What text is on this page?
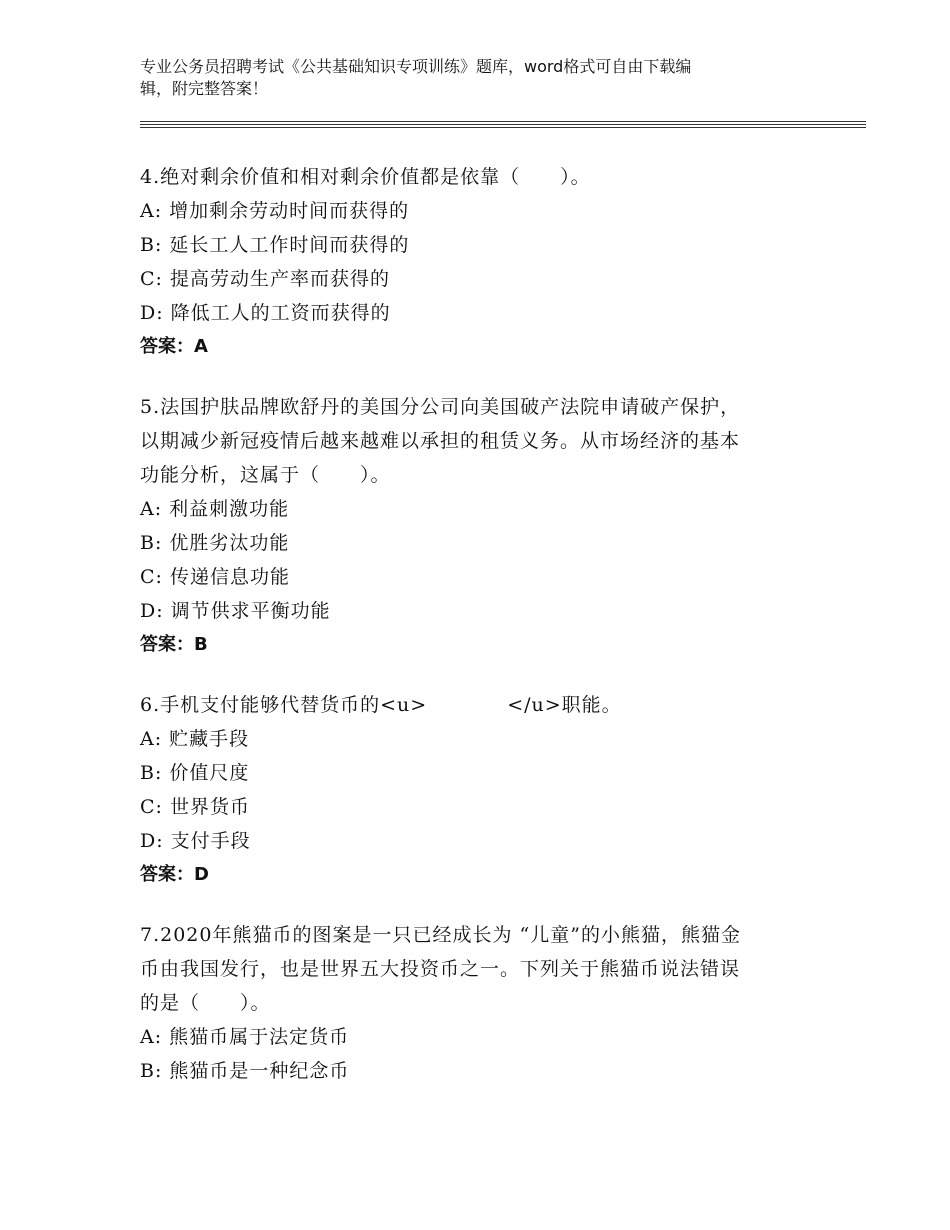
专业公务员招聘考试《公共基础知识专项训练》题库，word格式可自由下载编
辑，附完整答案！
4.绝对剩余价值和相对剩余价值都是依靠（　　）。
A: 增加剩余劳动时间而获得的
B: 延长工人工作时间而获得的
C: 提高劳动生产率而获得的
D: 降低工人的工资而获得的
答案：A
5.法国护肤品牌欧舒丹的美国分公司向美国破产法院申请破产保护，
以期减少新冠疫情后越来越难以承担的租赁义务。从市场经济的基本
功能分析，这属于（　　）。
A: 利益刺激功能
B: 优胜劣汰功能
C: 传递信息功能
D: 调节供求平衡功能
答案：B
6.手机支付能够代替货币的<u>　　　　</u>职能。
A: 贮藏手段
B: 价值尺度
C: 世界货币
D: 支付手段
答案：D
7.2020年熊猫币的图案是一只已经成长为 “儿童”的小熊猫，熊猫金
币由我国发行，也是世界五大投资币之一。下列关于熊猫币说法错误
的是（　　）。
A: 熊猫币属于法定货币
B: 熊猫币是一种纪念币
